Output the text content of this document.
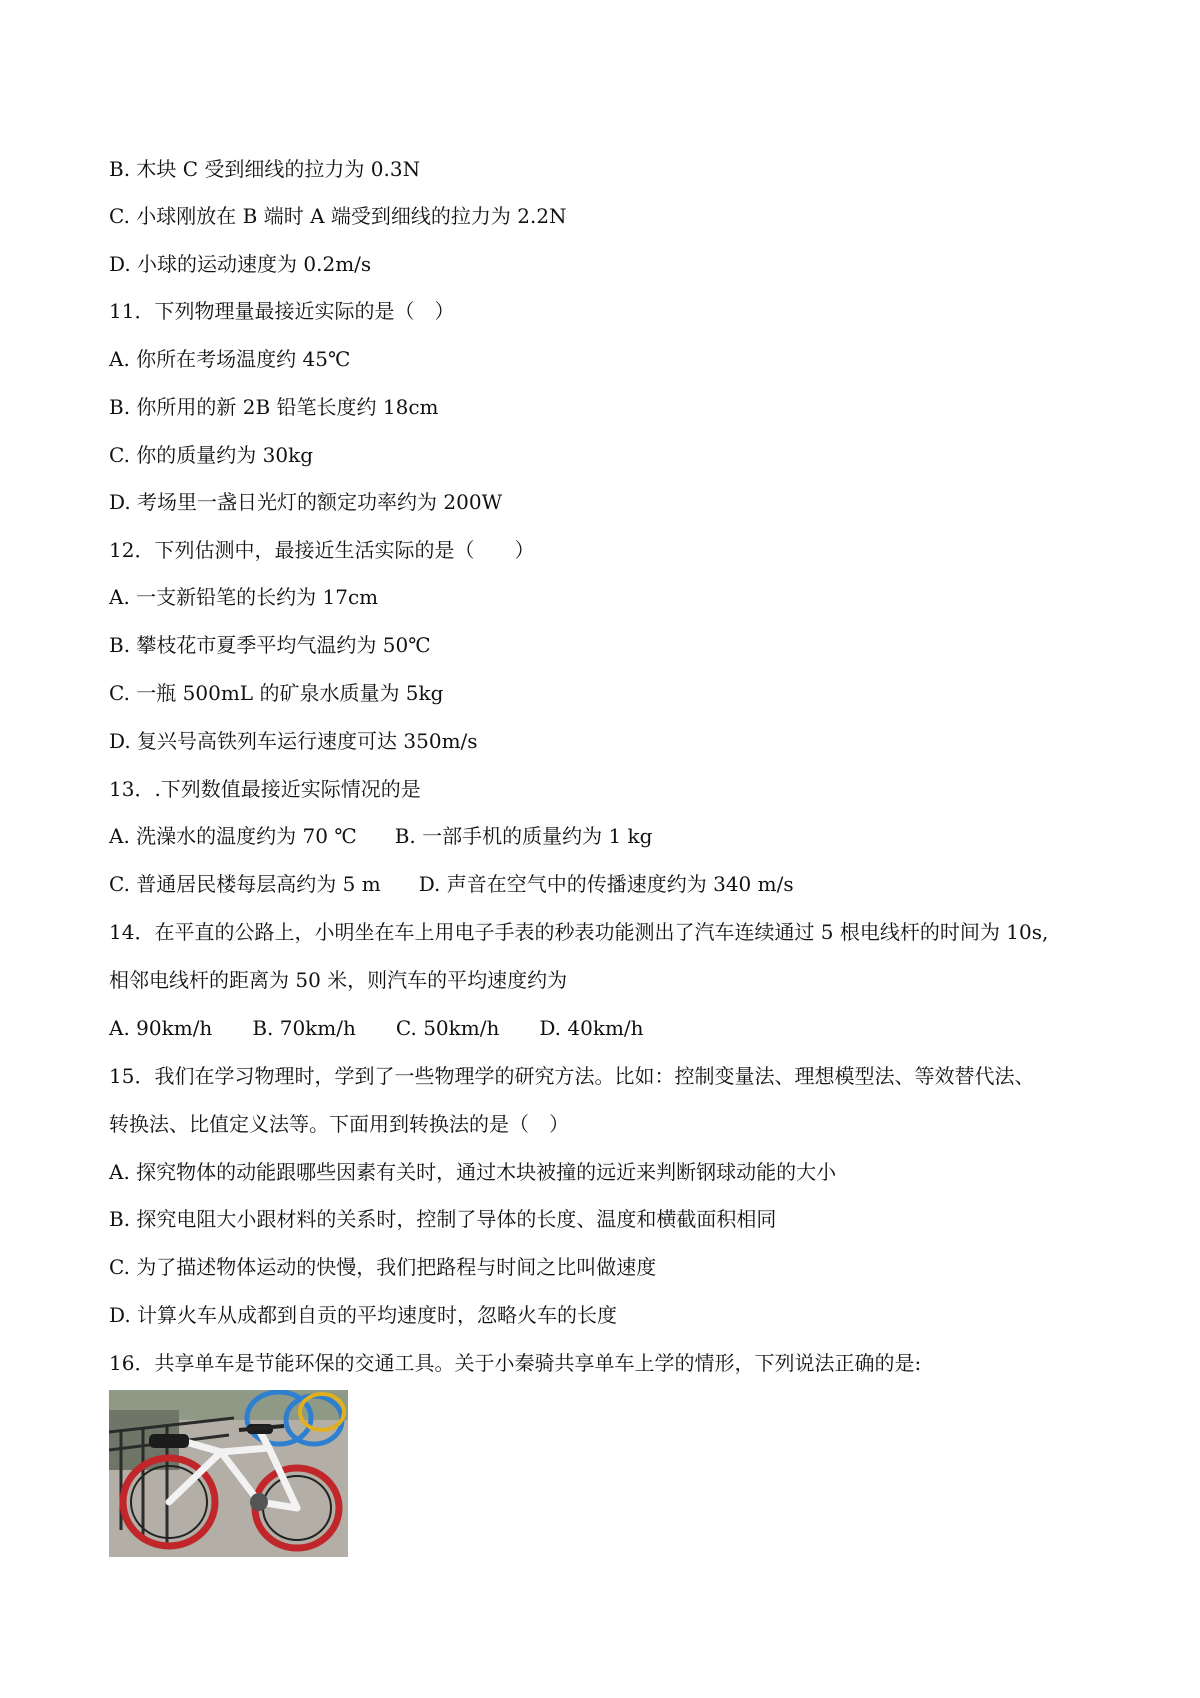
B. 木块 C 受到细线的拉力为 0.3N
C. 小球刚放在 B 端时 A 端受到细线的拉力为 2.2N
D. 小球的运动速度为 0.2m/s
11．下列物理量最接近实际的是（　）
A. 你所在考场温度约 45℃
B. 你所用的新 2B 铅笔长度约 18cm
C. 你的质量约为 30kg
D. 考场里一盏日光灯的额定功率约为 200W
12．下列估测中，最接近生活实际的是（　　）
A. 一支新铅笔的长约为 17cm
B. 攀枝花市夏季平均气温约为 50℃
C. 一瓶 500mL 的矿泉水质量为 5kg
D. 复兴号高铁列车运行速度可达 350m/s
13．.下列数值最接近实际情况的是
A. 洗澡水的温度约为 70 ℃ B. 一部手机的质量约为 1 kg
C. 普通居民楼每层高约为 5 m D. 声音在空气中的传播速度约为 340 m/s
14．在平直的公路上，小明坐在车上用电子手表的秒表功能测出了汽车连续通过 5 根电线杆的时间为 10s,
相邻电线杆的距离为 50 米，则汽车的平均速度约为
A. 90km/h B. 70km/h C. 50km/h D. 40km/h
15．我们在学习物理时，学到了一些物理学的研究方法。比如：控制变量法、理想模型法、等效替代法、
转换法、比值定义法等。下面用到转换法的是（　）
A. 探究物体的动能跟哪些因素有关时，通过木块被撞的远近来判断钢球动能的大小
B. 探究电阻大小跟材料的关系时，控制了导体的长度、温度和横截面积相同
C. 为了描述物体运动的快慢，我们把路程与时间之比叫做速度
D. 计算火车从成都到自贡的平均速度时，忽略火车的长度
16．共享单车是节能环保的交通工具。关于小秦骑共享单车上学的情形，下列说法正确的是:
